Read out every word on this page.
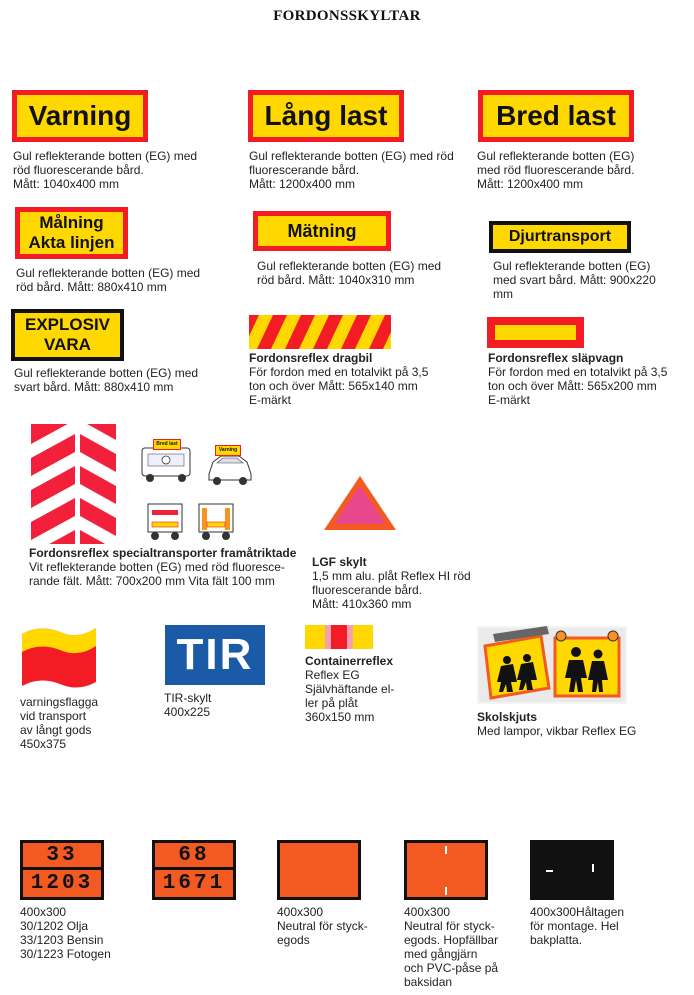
FORDONSSKYLTAR
Varning
Gul reflekterande botten (EG) med
röd fluorescerande bård.
Mått: 1040x400 mm
Lång last
Gul reflekterande botten (EG) med röd
fluorescerande bård.
Mått: 1200x400 mm
Bred last
Gul reflekterande botten (EG)
med röd fluorescerande bård.
Mått: 1200x400 mm
Målning
Akta linjen
Gul reflekterande botten (EG) med
röd bård. Mått: 880x410 mm
Mätning
Gul reflekterande botten (EG) med
röd bård. Mått: 1040x310 mm
Djurtransport
Gul reflekterande botten (EG)
med svart bård. Mått: 900x220
mm
EXPLOSIV
VARA
Gul reflekterande botten (EG) med
svart bård. Mått: 880x410 mm
Fordonsreflex dragbil
För fordon med en totalvikt på 3,5
ton och över Mått: 565x140 mm
E-märkt
Fordonsreflex släpvagn
För fordon med en totalvikt på 3,5
ton och över Mått: 565x200 mm
E-märkt
Bred last
Varning
Fordonsreflex specialtransporter framåtriktade
Vit reflekterande botten (EG) med röd fluoresce-
rande fält. Mått: 700x200 mm Vita fält 100 mm
LGF skylt
1,5 mm alu. plåt Reflex HI röd
fluorescerande bård.
Mått: 410x360 mm
varningsflagga
vid transport
av långt gods
450x375
TIR
TIR-skylt
400x225
Containerreflex
Reflex EG
Självhäftande el-
ler på plåt
360x150 mm	Skolskjuts
Med lampor, vikbar Reflex EG
33
1203
400x300
30/1202 Olja
33/1203 Bensin
30/1223 Fotogen
68
1671
400x300
Neutral för styck-
egods
400x300
Neutral för styck-
egods. Hopfällbar
med gångjärn
och PVC-påse på
baksidan
400x300Håltagen
för montage. Hel
bakplatta.
